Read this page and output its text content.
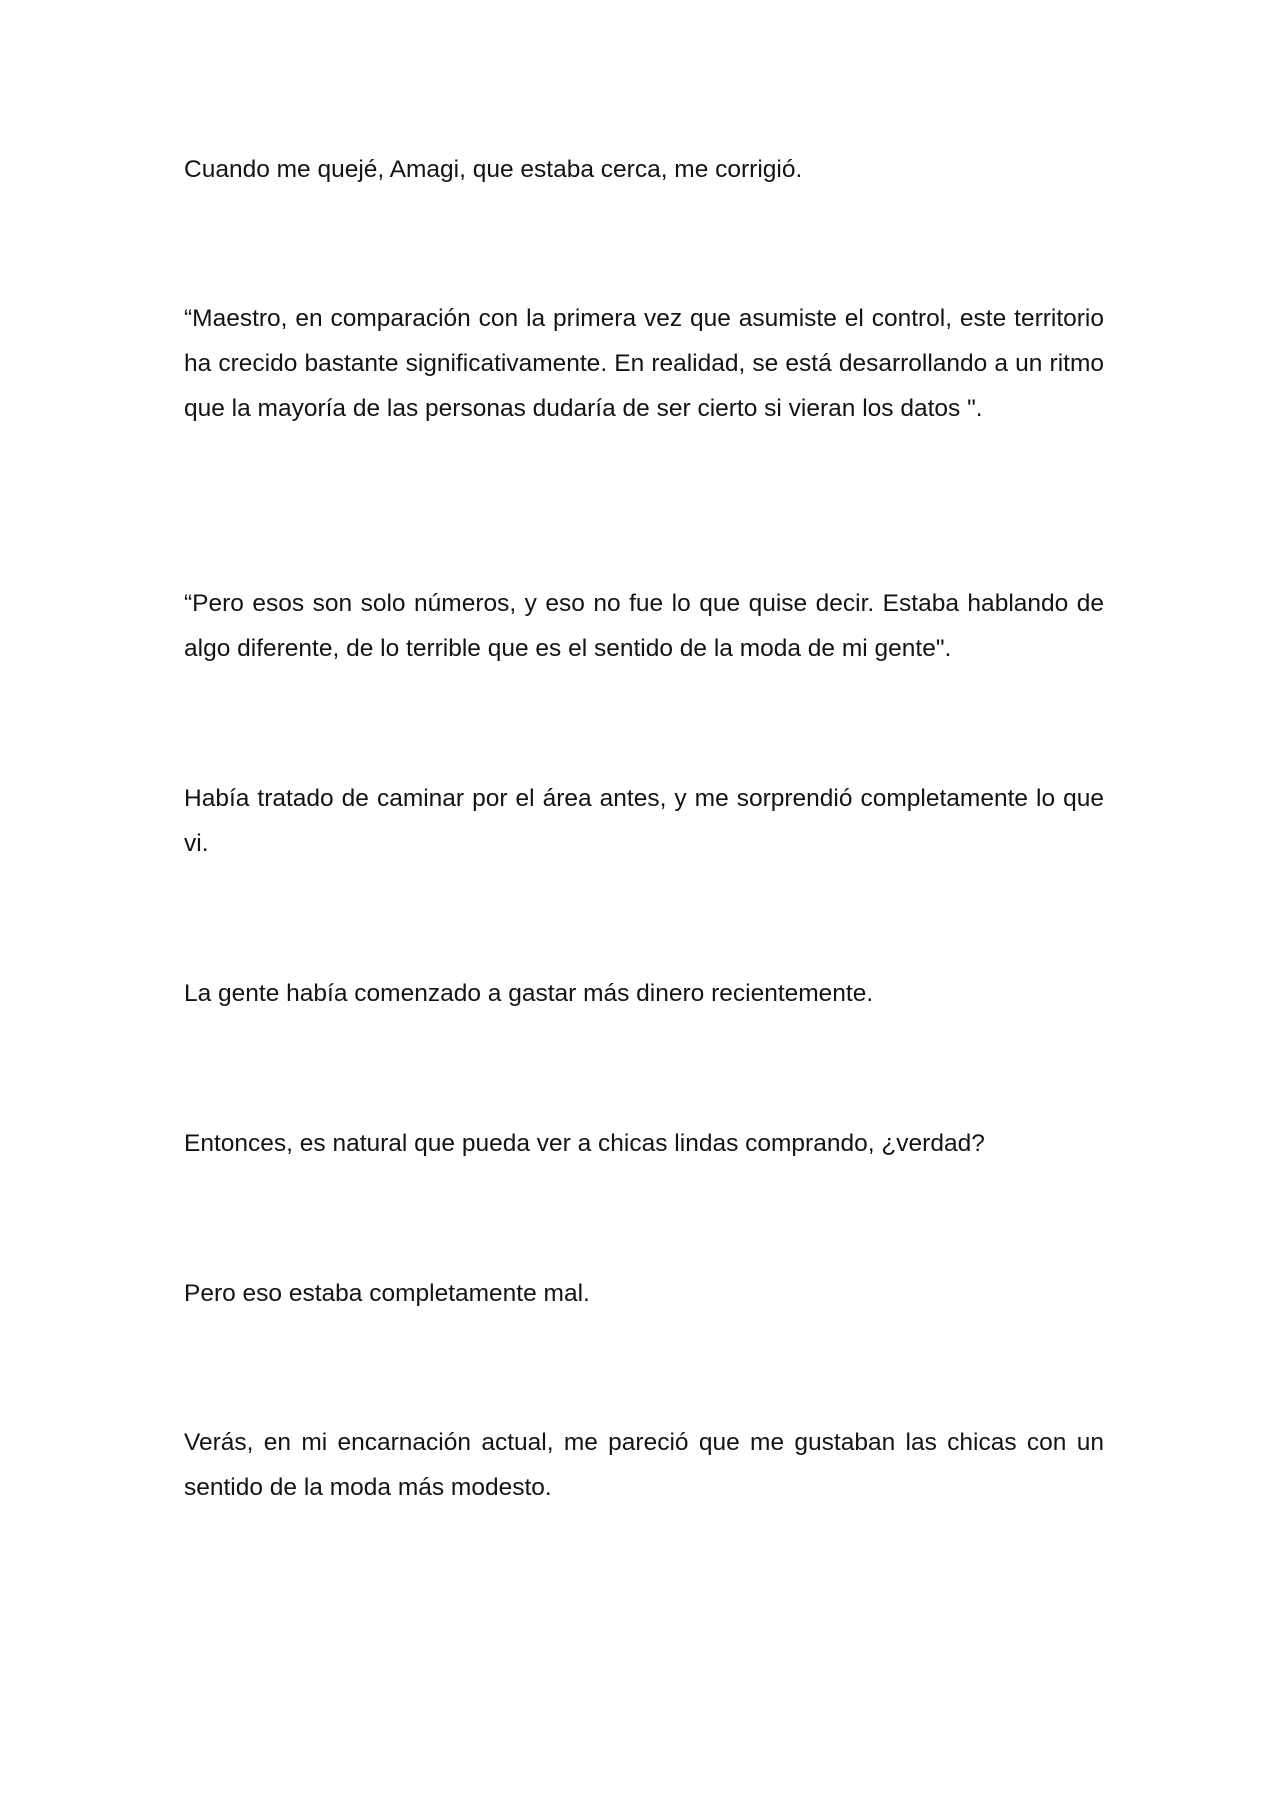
Cuando me quejé, Amagi, que estaba cerca, me corrigió.

“Maestro, en comparación con la primera vez que asumiste el control, este territorio ha crecido bastante significativamente. En realidad, se está desarrollando a un ritmo que la mayoría de las personas dudaría de ser cierto si vieran los datos ".

“Pero esos son solo números, y eso no fue lo que quise decir. Estaba hablando de algo diferente, de lo terrible que es el sentido de la moda de mi gente".

Había tratado de caminar por el área antes, y me sorprendió completamente lo que vi.

La gente había comenzado a gastar más dinero recientemente.

Entonces, es natural que pueda ver a chicas lindas comprando, ¿verdad?

Pero eso estaba completamente mal.

Verás, en mi encarnación actual, me pareció que me gustaban las chicas con un sentido de la moda más modesto.
